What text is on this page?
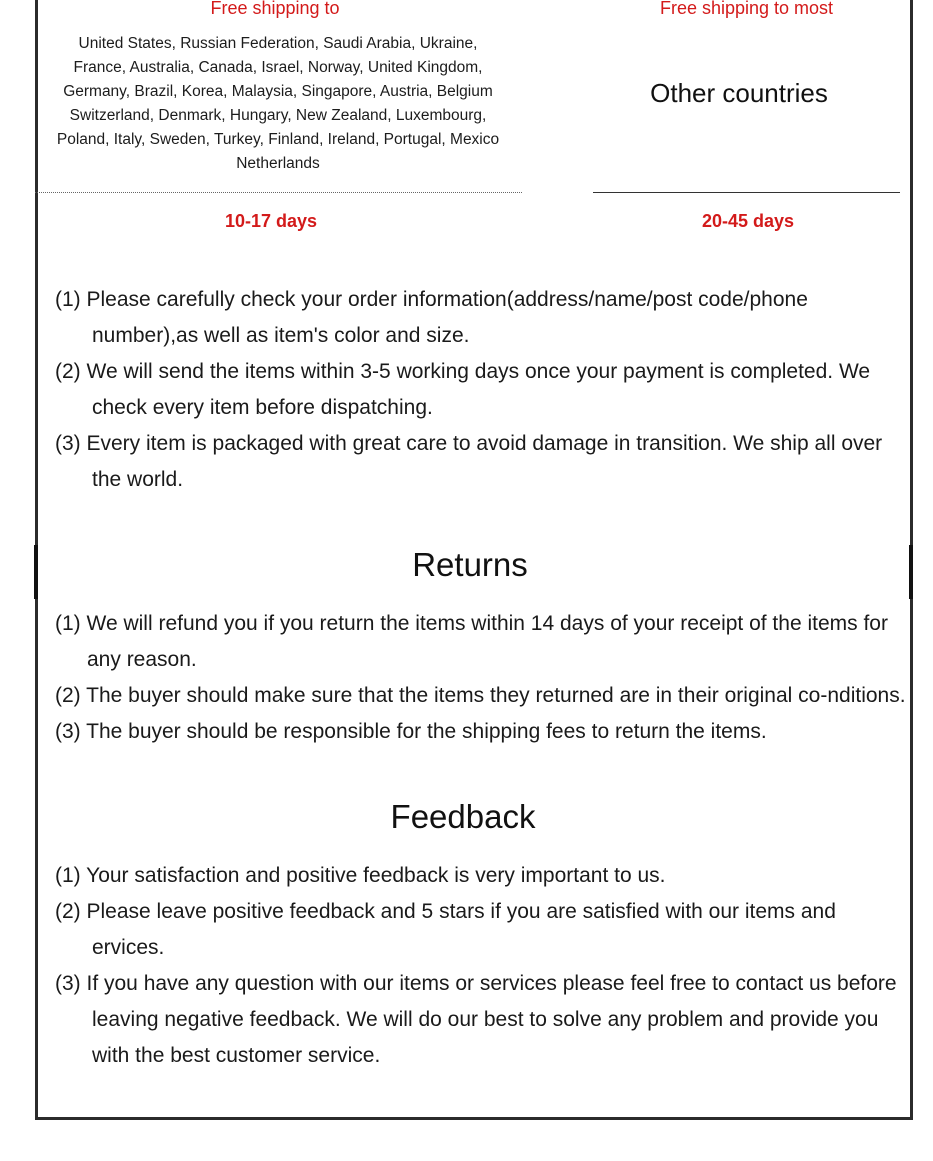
Free shipping to	Free shipping to most
United States, Russian Federation, Saudi Arabia, Ukraine,
France, Australia, Canada, Israel, Norway, United Kingdom,
Germany, Brazil, Korea, Malaysia, Singapore, Austria, Belgium
Switzerland, Denmark, Hungary, New Zealand, Luxembourg,
Poland, Italy, Sweden, Turkey, Finland, Ireland, Portugal, Mexico
Netherlands
Other countries
10-17 days	20-45 days
(1) Please carefully check your order information(address/name/post code/phone number),as well as item's color and size.
(2) We will send the items within 3-5 working days once your payment is completed. We check every item before dispatching.
(3) Every item is packaged with great care to avoid damage in transition. We ship all over the world.
Returns
(1) We will refund you if you return the items within 14 days of your receipt of the items for any reason.
(2) The buyer should make sure that the items they returned are in their original co-nditions.
(3) The buyer should be responsible for the shipping fees to return the items.
Feedback
(1) Your satisfaction and positive feedback is very important to us.
(2) Please leave positive feedback and 5 stars if you are satisfied with our items and ervices.
(3) If you have any question with our items or services please feel free to contact us before leaving negative feedback. We will do our best to solve any problem and provide you with the best customer service.
